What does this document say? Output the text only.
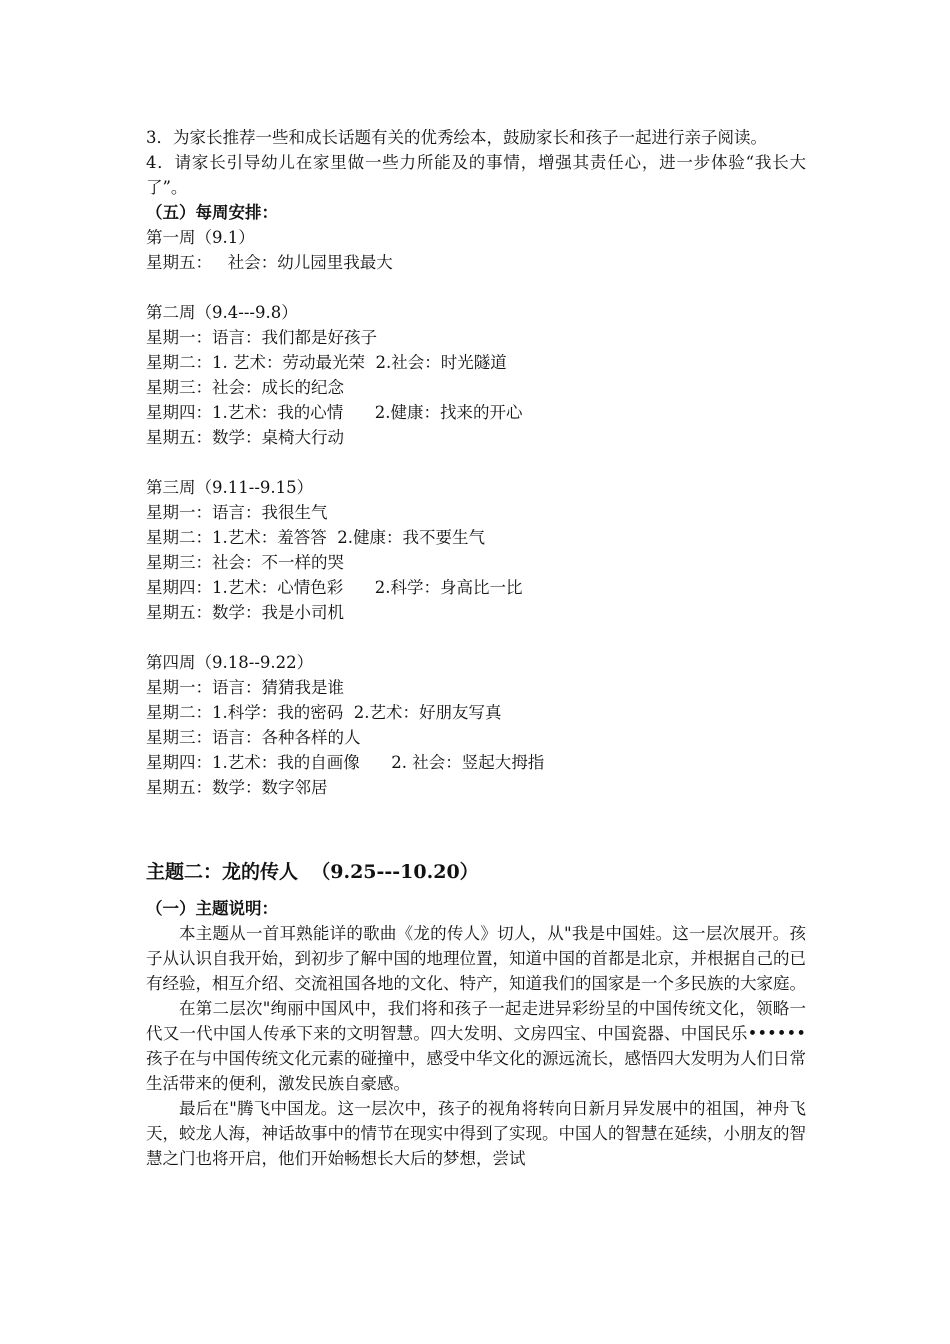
3．为家长推荐一些和成长话题有关的优秀绘本，鼓励家长和孩子一起进行亲子阅读。
4．请家长引导幼儿在家里做一些力所能及的事情，增强其责任心，进一步体验“我长大了”。
（五）每周安排：
第一周（9.1）
星期五：   社会：幼儿园里我最大
第二周（9.4---9.8）
星期一：语言：我们都是好孩子
星期二：1. 艺术：劳动最光荣  2.社会：时光隧道
星期三：社会：成长的纪念
星期四：1.艺术：我的心情      2.健康：找来的开心
星期五：数学：桌椅大行动
第三周（9.11--9.15）
星期一：语言：我很生气
星期二：1.艺术：羞答答  2.健康：我不要生气
星期三：社会：不一样的哭
星期四：1.艺术：心情色彩      2.科学：身高比一比
星期五：数学：我是小司机
第四周（9.18--9.22）
星期一：语言：猜猜我是谁
星期二：1.科学：我的密码  2.艺术：好朋友写真
星期三：语言：各种各样的人
星期四：1.艺术：我的自画像      2. 社会：竖起大拇指
星期五：数学：数字邻居
主题二：龙的传人  （9.25---10.20）
（一）主题说明：

本主题从一首耳熟能详的歌曲《龙的传人》切人，从"我是中国娃。这一层次展开。孩子从认识自我开始，到初步了解中国的地理位置，知道中国的首都是北京，并根据自己的已有经验，相互介绍、交流祖国各地的文化、特产，知道我们的国家是一个多民族的大家庭。

在第二层次"绚丽中国风中，我们将和孩子一起走进异彩纷呈的中国传统文化，领略一代又一代中国人传承下来的文明智慧。四大发明、文房四宝、中国瓷器、中国民乐••••••孩子在与中国传统文化元素的碰撞中，感受中华文化的源远流长，感悟四大发明为人们日常生活带来的便利，激发民族自豪感。

最后在"腾飞中国龙。这一层次中，孩子的视角将转向日新月异发展中的祖国，神舟飞天，蛟龙人海，神话故事中的情节在现实中得到了实现。中国人的智慧在延续，小朋友的智慧之门也将开启，他们开始畅想长大后的梦想，尝试
